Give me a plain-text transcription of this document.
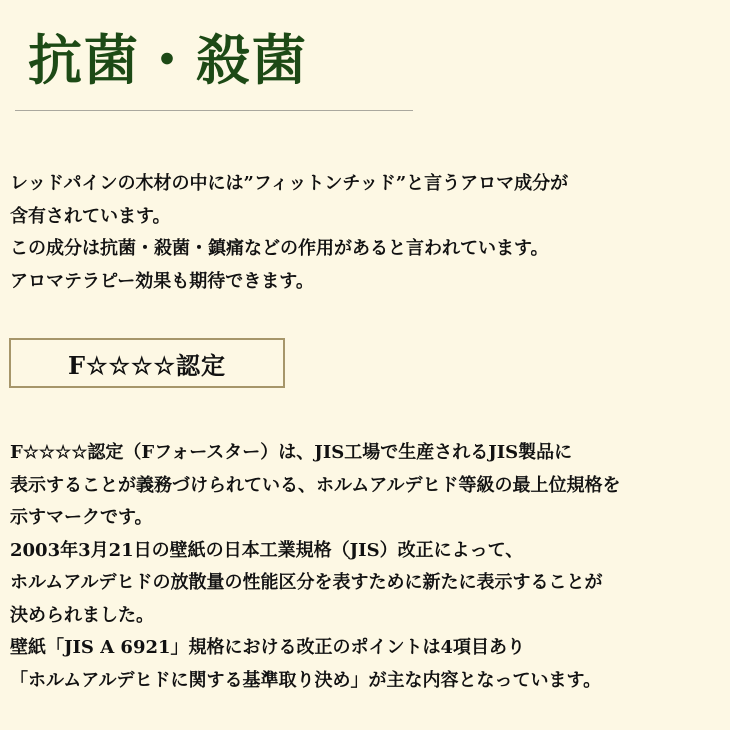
抗菌・殺菌
レッドパインの木材の中には”フィットンチッド”と言うアロマ成分が
含有されています。
この成分は抗菌・殺菌・鎮痛などの作用があると言われています。
アロマテラピー効果も期待できます。
F☆☆☆☆認定
F☆☆☆☆認定（Fフォースター）は、JIS工場で生産されるJIS製品に
表示することが義務づけられている、ホルムアルデヒド等級の最上位規格を
示すマークです。
2003年3月21日の壁紙の日本工業規格（JIS）改正によって、
ホルムアルデヒドの放散量の性能区分を表すために新たに表示することが
決められました。
壁紙「JIS A 6921」規格における改正のポイントは4項目あり
「ホルムアルデヒドに関する基準取り決め」が主な内容となっています。
